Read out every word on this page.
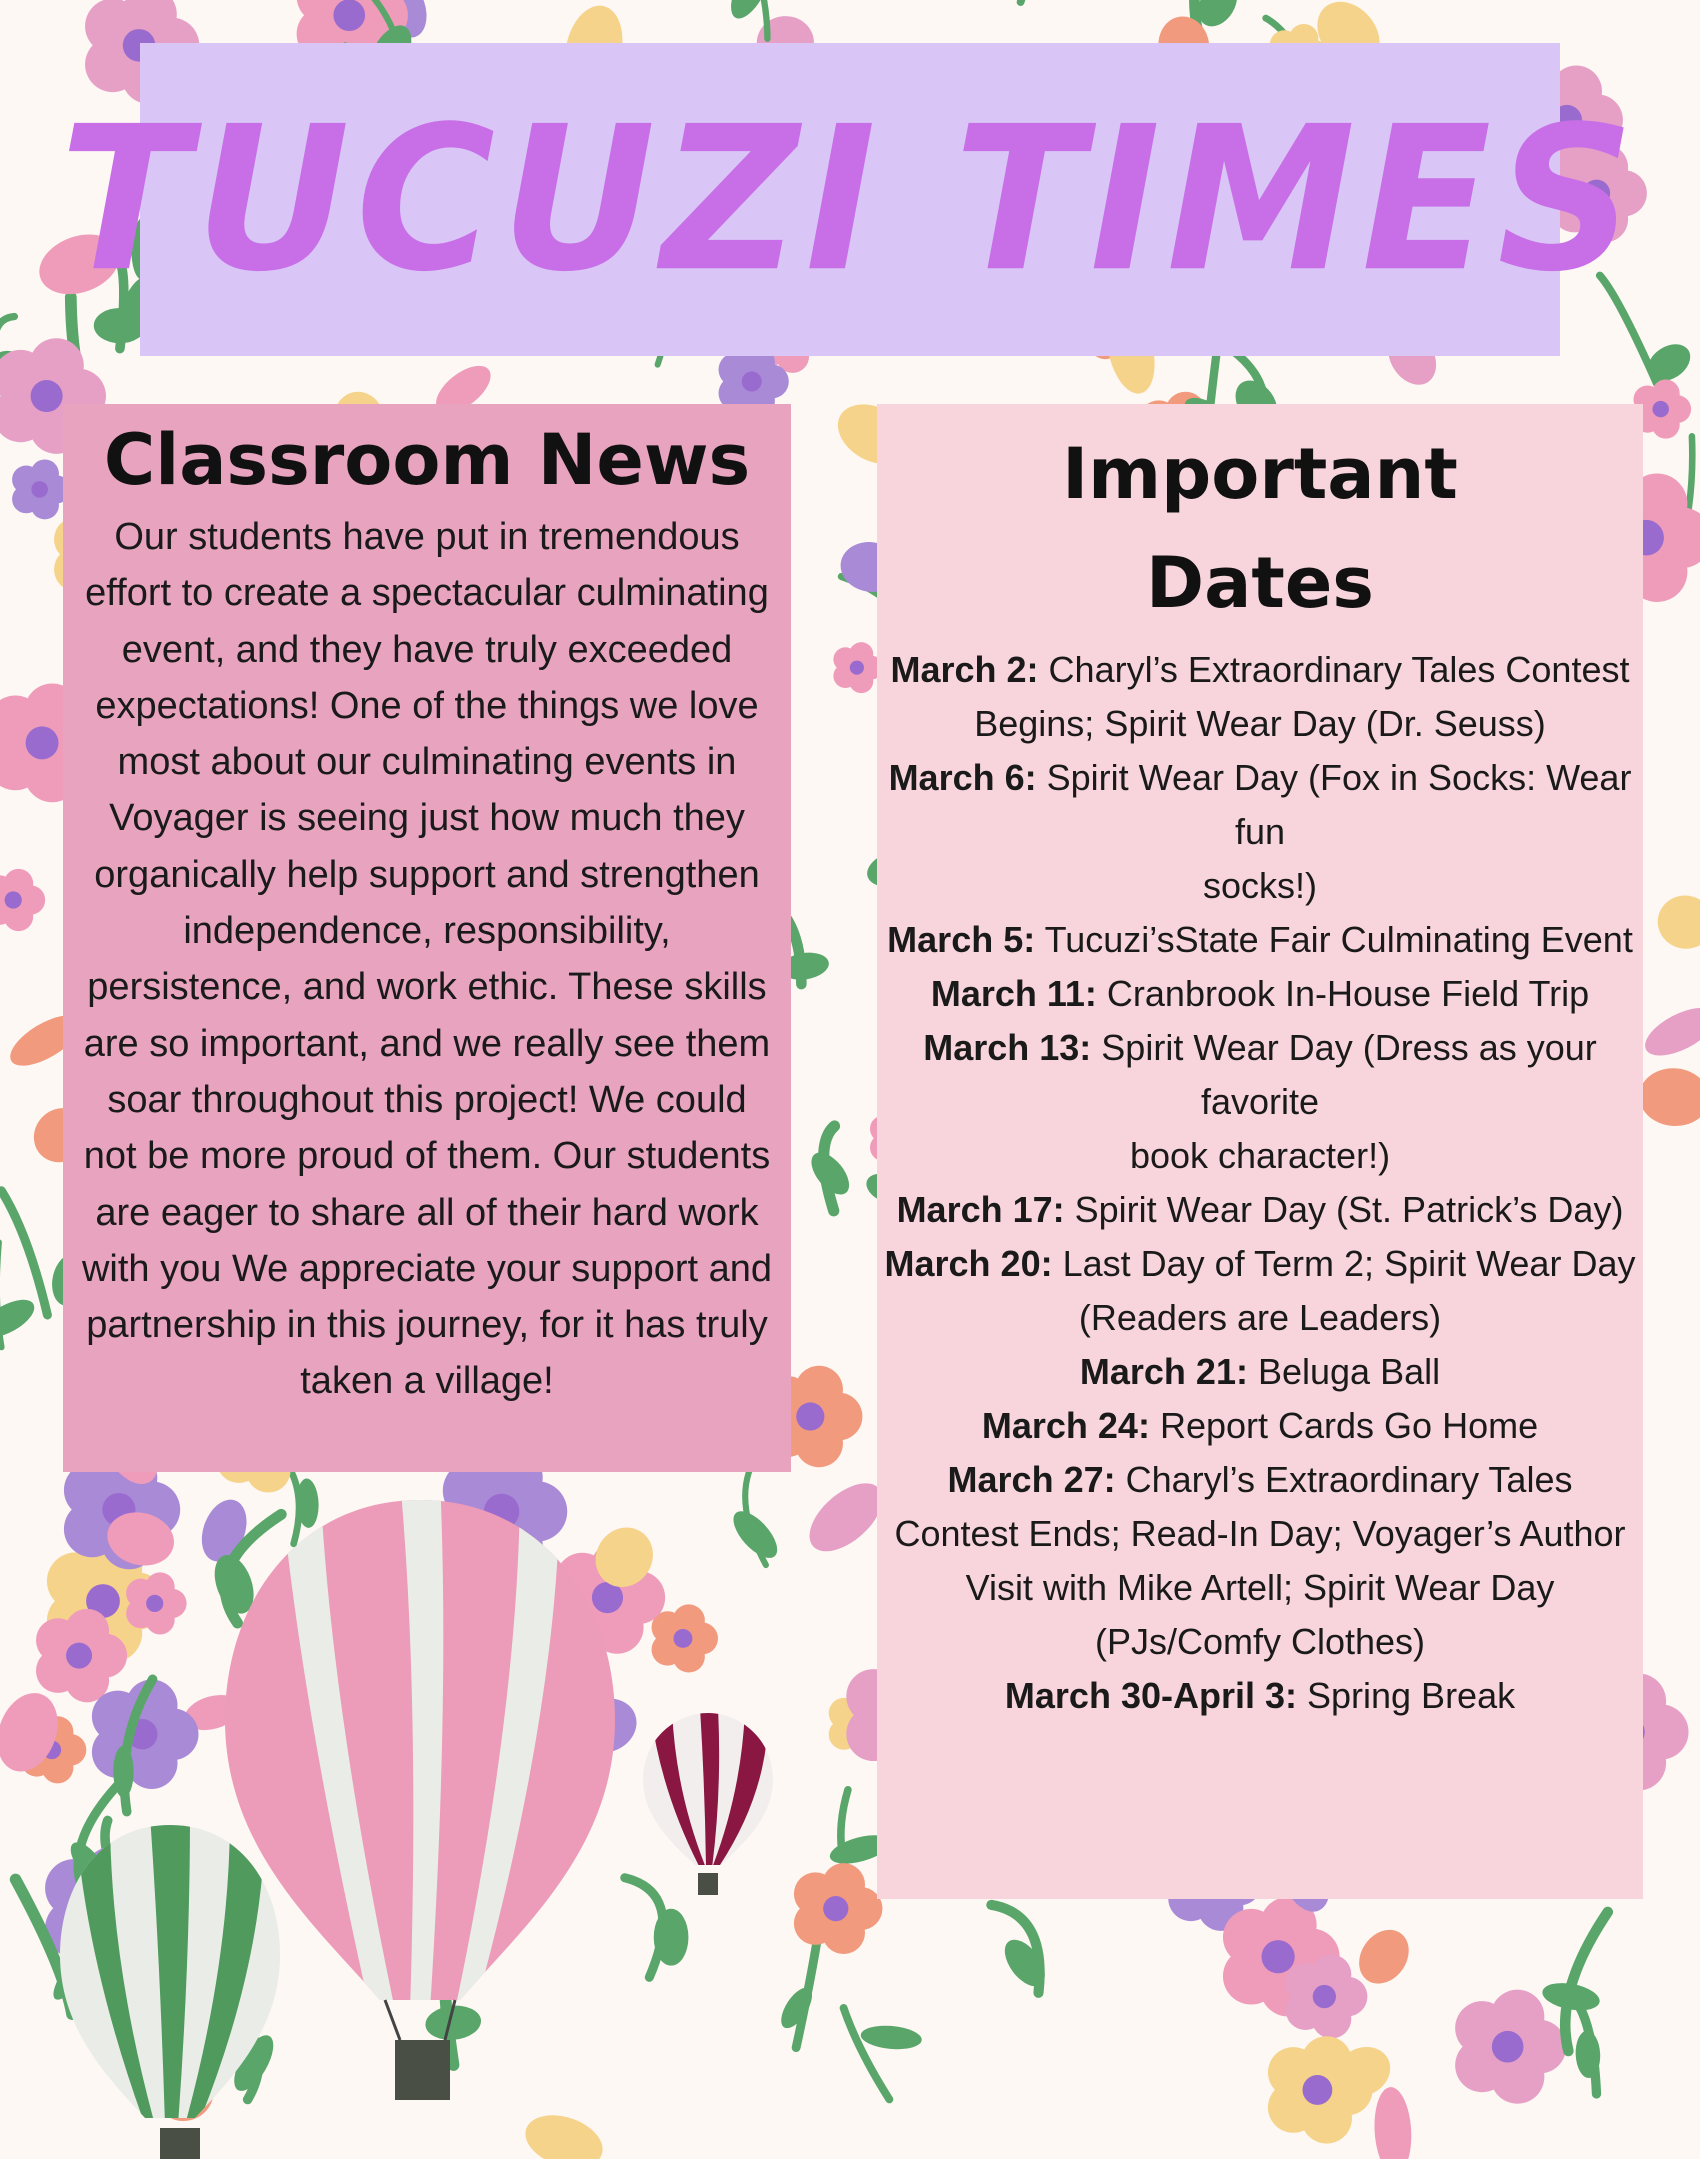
TUCUZI TIMES
Classroom News

Our students have put in tremendous effort to create a spectacular culminating event, and they have truly exceeded expectations! One of the things we love most about our culminating events in Voyager is seeing just how much they organically help support and strengthen independence, responsibility, persistence, and work ethic. These skills are so important, and we really see them soar throughout this project! We could not be more proud of them. Our students are eager to share all of their hard work with you We appreciate your support and partnership in this journey, for it has truly taken a village!

Important
Dates
March 2: Charyl’s Extraordinary Tales Contest Begins; Spirit Wear Day (Dr. Seuss)
March 6: Spirit Wear Day (Fox in Socks: Wear fun
socks!)
March 5: Tucuzi’sState Fair Culminating Event
March 11: Cranbrook In-House Field Trip
March 13: Spirit Wear Day (Dress as your favorite
book character!)
March 17: Spirit Wear Day (St. Patrick’s Day)
March 20: Last Day of Term 2; Spirit Wear Day
(Readers are Leaders)
March 21: Beluga Ball
March 24: Report Cards Go Home
March 27: Charyl’s Extraordinary Tales Contest Ends; Read-In Day; Voyager’s Author Visit with Mike Artell; Spirit Wear Day (PJs/Comfy Clothes)
March 30-April 3: Spring Break
